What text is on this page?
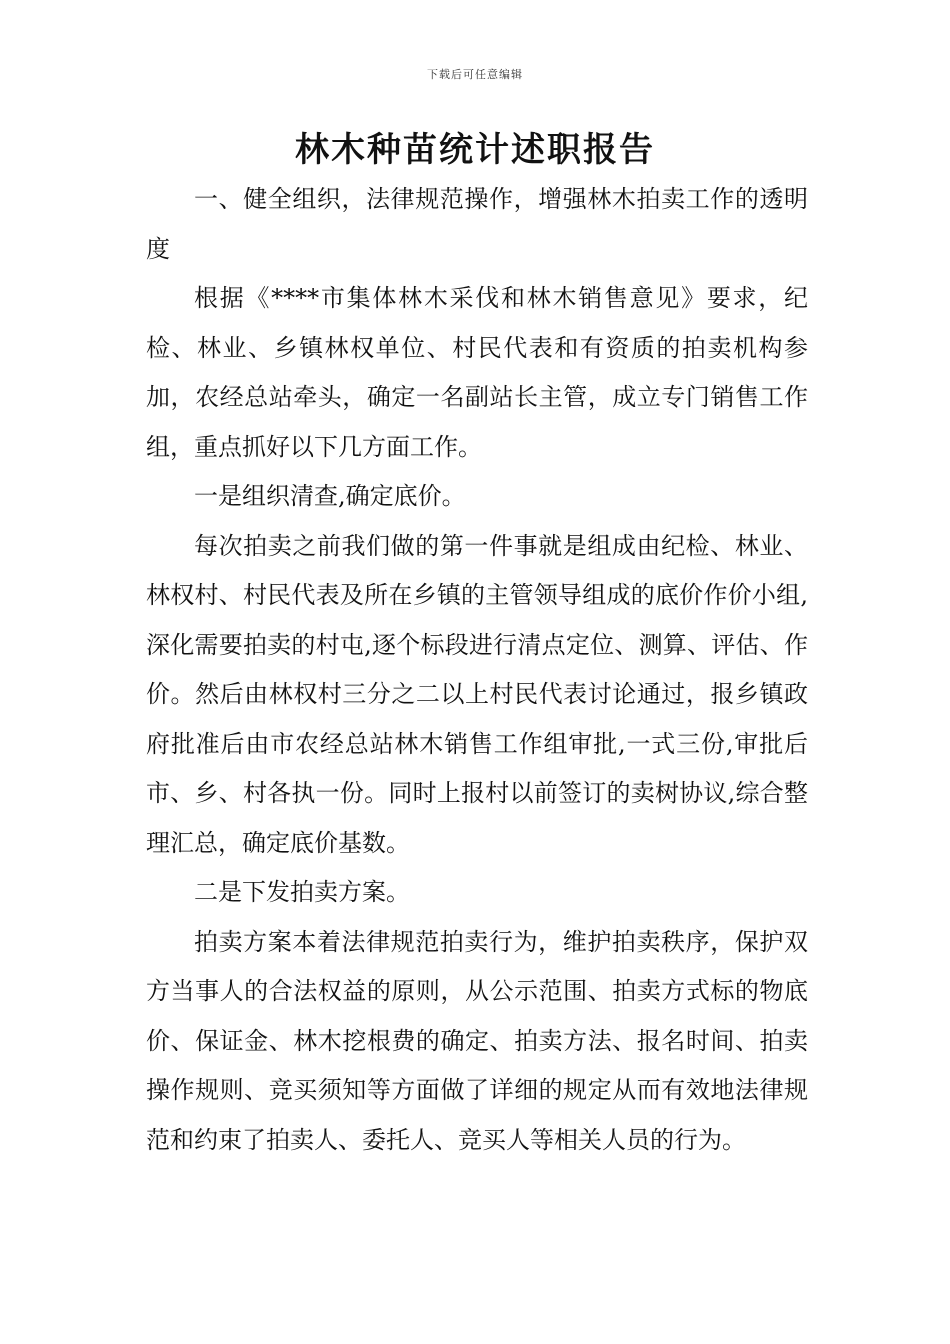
下载后可任意编辑
林木种苗统计述职报告

一、健全组织，法律规范操作，增强林木拍卖工作的透明度

根据《****市集体林木采伐和林木销售意见》要求，纪检、林业、乡镇林权单位、村民代表和有资质的拍卖机构参加，农经总站牵头，确定一名副站长主管，成立专门销售工作组，重点抓好以下几方面工作。

一是组织清查,确定底价。

每次拍卖之前我们做的第一件事就是组成由纪检、林业、林权村、村民代表及所在乡镇的主管领导组成的底价作价小组,深化需要拍卖的村屯,逐个标段进行清点定位、测算、评估、作价。然后由林权村三分之二以上村民代表讨论通过，报乡镇政府批准后由市农经总站林木销售工作组审批,一式三份,审批后市、乡、村各执一份。同时上报村以前签订的卖树协议,综合整理汇总，确定底价基数。

二是下发拍卖方案。

拍卖方案本着法律规范拍卖行为，维护拍卖秩序，保护双方当事人的合法权益的原则，从公示范围、拍卖方式标的物底价、保证金、林木挖根费的确定、拍卖方法、报名时间、拍卖操作规则、竞买须知等方面做了详细的规定从而有效地法律规范和约束了拍卖人、委托人、竞买人等相关人员的行为。
